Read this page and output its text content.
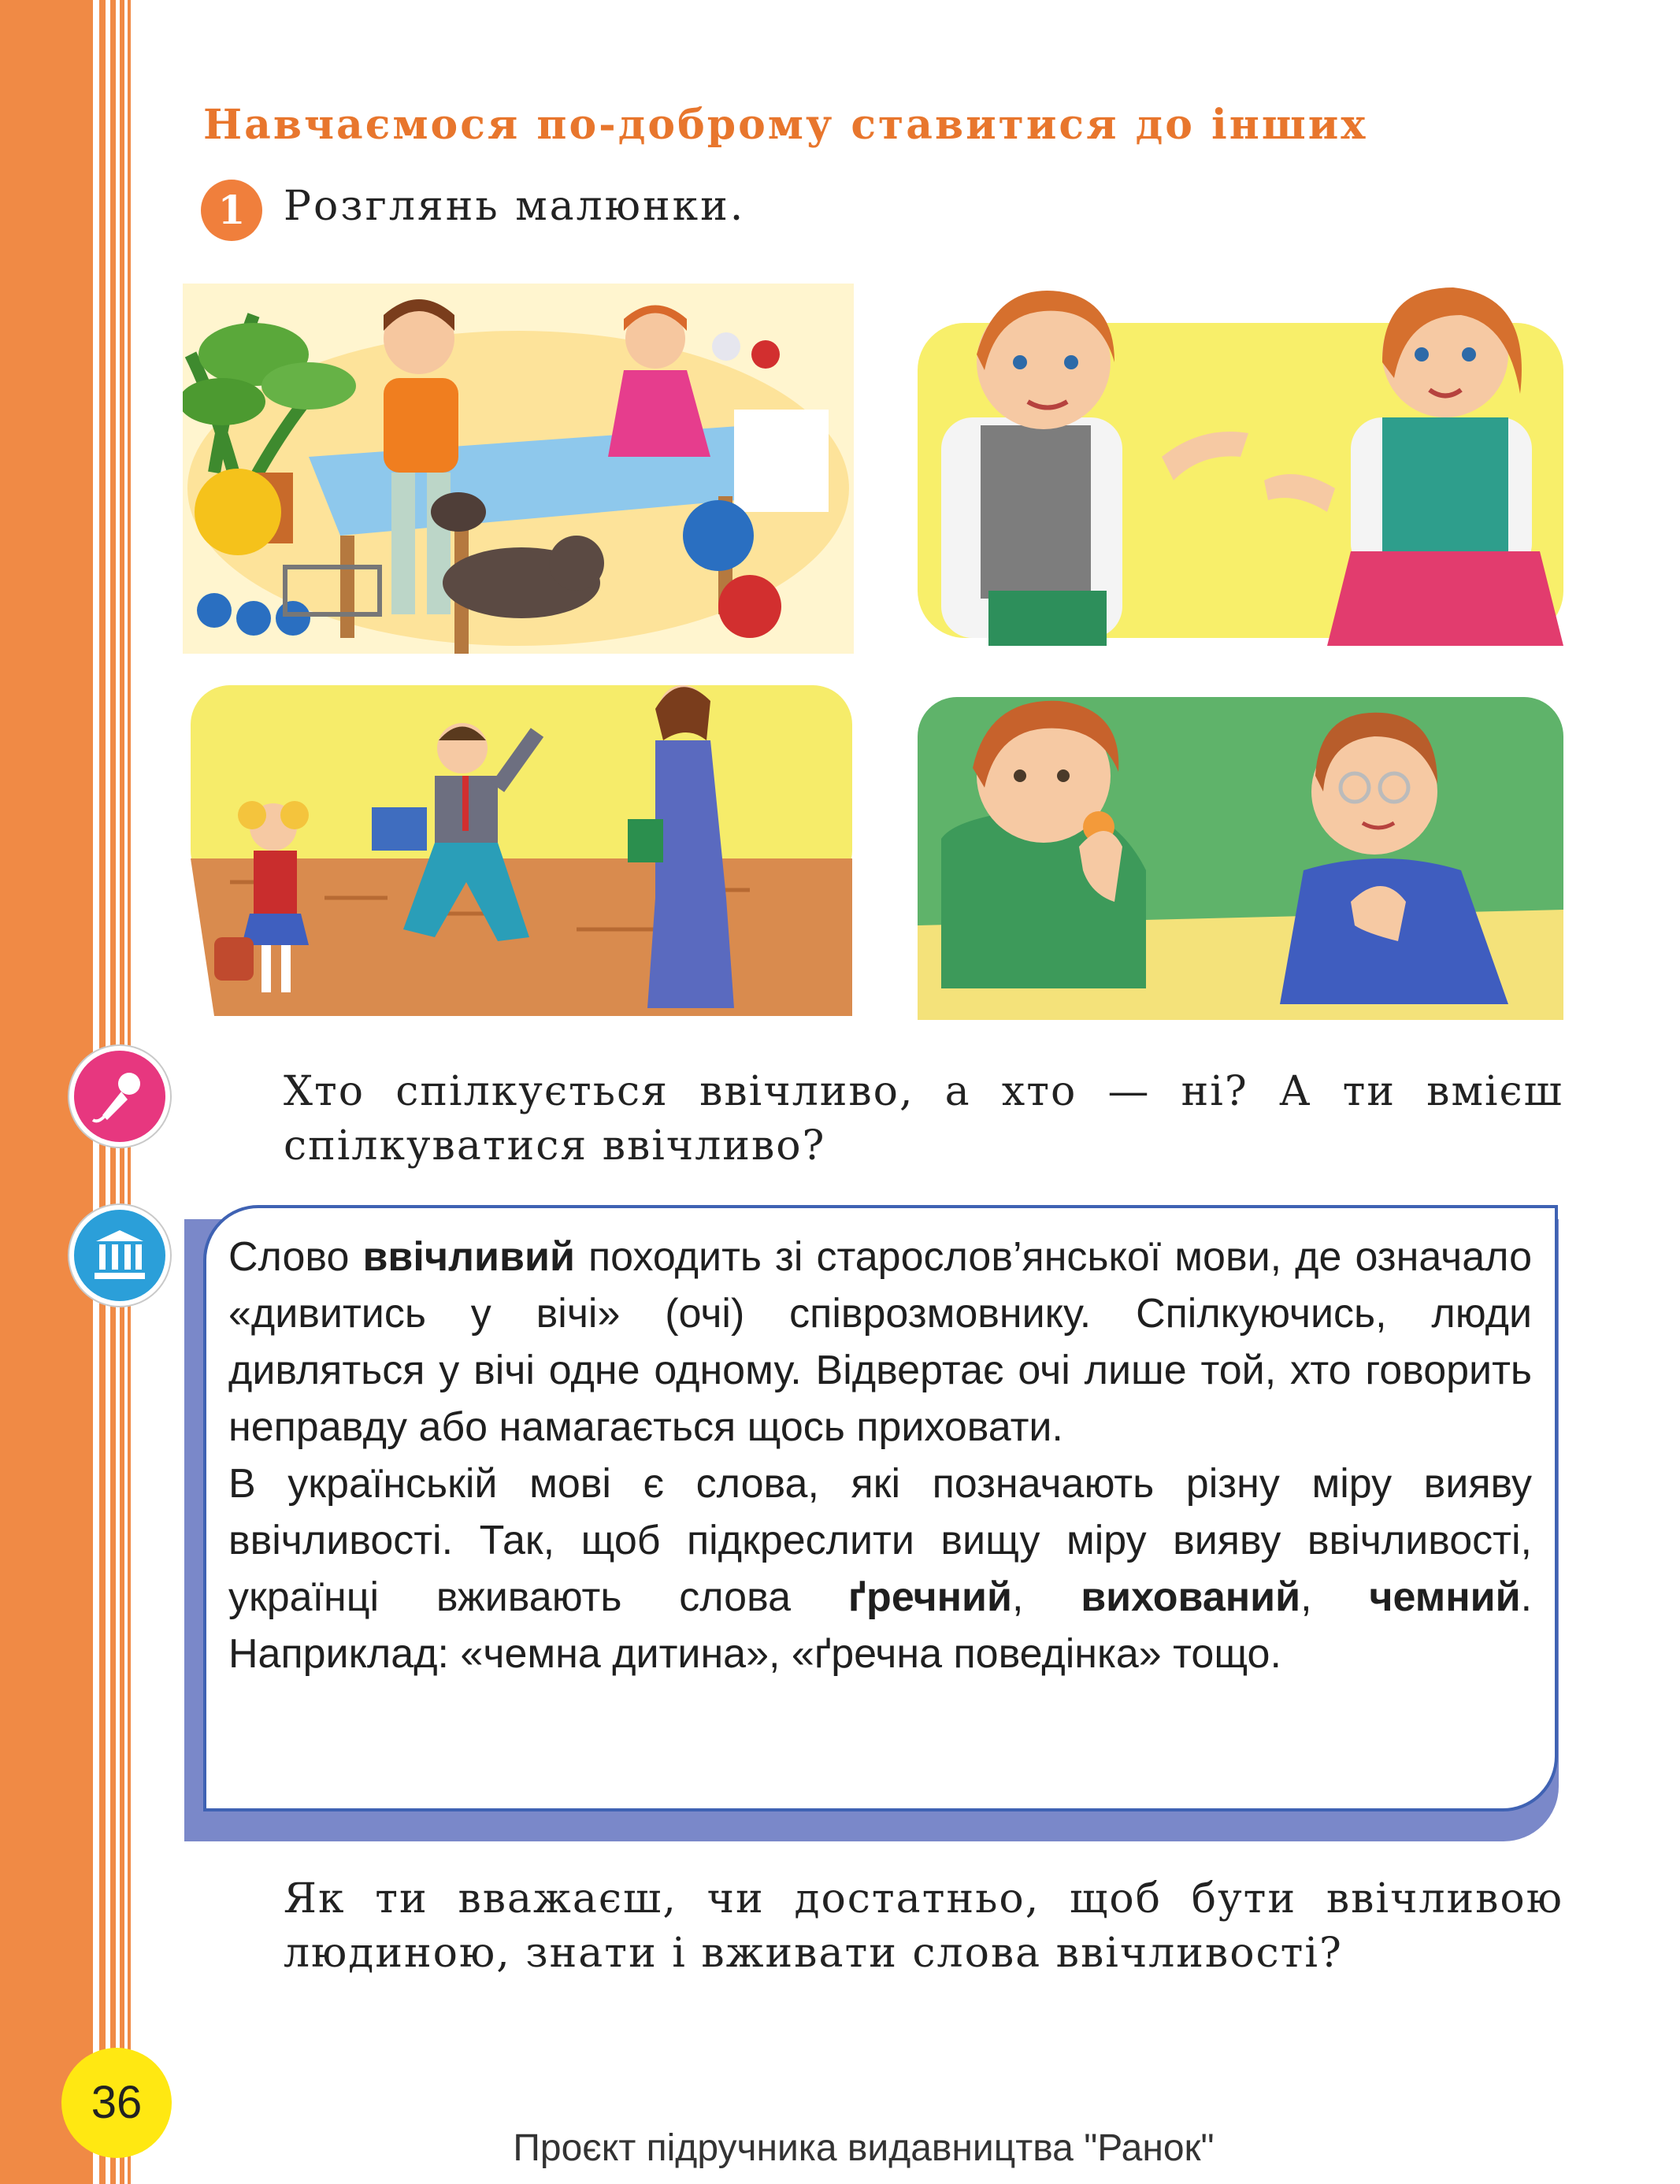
Навчаємося по-доброму ставитися до інших
1 Розглянь малюнки.
Хто спілкується ввічливо, а хто — ні? А ти вмієш спілкуватися ввічливо?

Слово ввічливий походить зі старослов’янської мови, де означало «дивитись у вічі» (очі) співрозмовнику. Спілкуючись, люди дивляться у вічі одне одному. Відвертає очі лише той, хто говорить неправду або намагається щось приховати.

В українській мові є слова, які позначають різну міру вияву ввічливості. Так, щоб підкреслити вищу міру вияву ввічливості, українці вживають слова ґречний, вихований, чемний. Наприклад: «чемна дитина», «ґречна поведінка» тощо.

Як ти вважаєш, чи достатньо, щоб бути ввічливою людиною, знати і вживати слова ввічливості?
36
Проєкт підручника видавництва "Ранок"
